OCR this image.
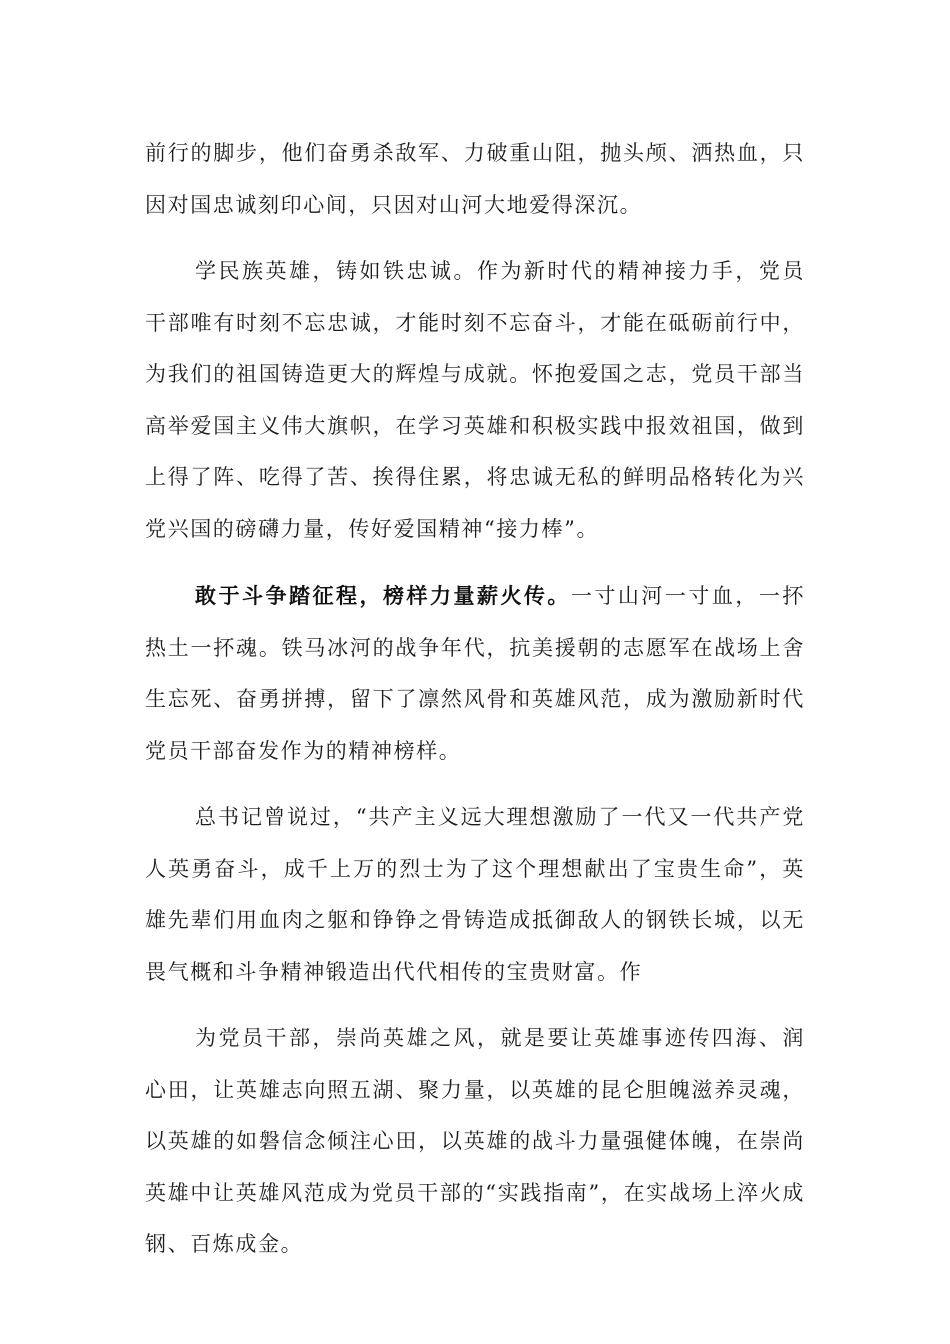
前行的脚步，他们奋勇杀敌军、力破重山阻，抛头颅、洒热血，只因对国忠诚刻印心间，只因对山河大地爱得深沉。

学民族英雄，铸如铁忠诚。作为新时代的精神接力手，党员干部唯有时刻不忘忠诚，才能时刻不忘奋斗，才能在砥砺前行中，为我们的祖国铸造更大的辉煌与成就。怀抱爱国之志，党员干部当高举爱国主义伟大旗帜，在学习英雄和积极实践中报效祖国，做到上得了阵、吃得了苦、挨得住累，将忠诚无私的鲜明品格转化为兴党兴国的磅礴力量，传好爱国精神“接力棒”。

敢于斗争踏征程，榜样力量薪火传。一寸山河一寸血，一抔热土一抔魂。铁马冰河的战争年代，抗美援朝的志愿军在战场上舍生忘死、奋勇拼搏，留下了凛然风骨和英雄风范，成为激励新时代党员干部奋发作为的精神榜样。

总书记曾说过，“共产主义远大理想激励了一代又一代共产党人英勇奋斗，成千上万的烈士为了这个理想献出了宝贵生命”，英雄先辈们用血肉之躯和铮铮之骨铸造成抵御敌人的钢铁长城，以无畏气概和斗争精神锻造出代代相传的宝贵财富。作

为党员干部，崇尚英雄之风，就是要让英雄事迹传四海、润心田，让英雄志向照五湖、聚力量，以英雄的昆仑胆魄滋养灵魂，以英雄的如磐信念倾注心田，以英雄的战斗力量强健体魄，在崇尚英雄中让英雄风范成为党员干部的“实践指南”，在实战场上淬火成钢、百炼成金。
